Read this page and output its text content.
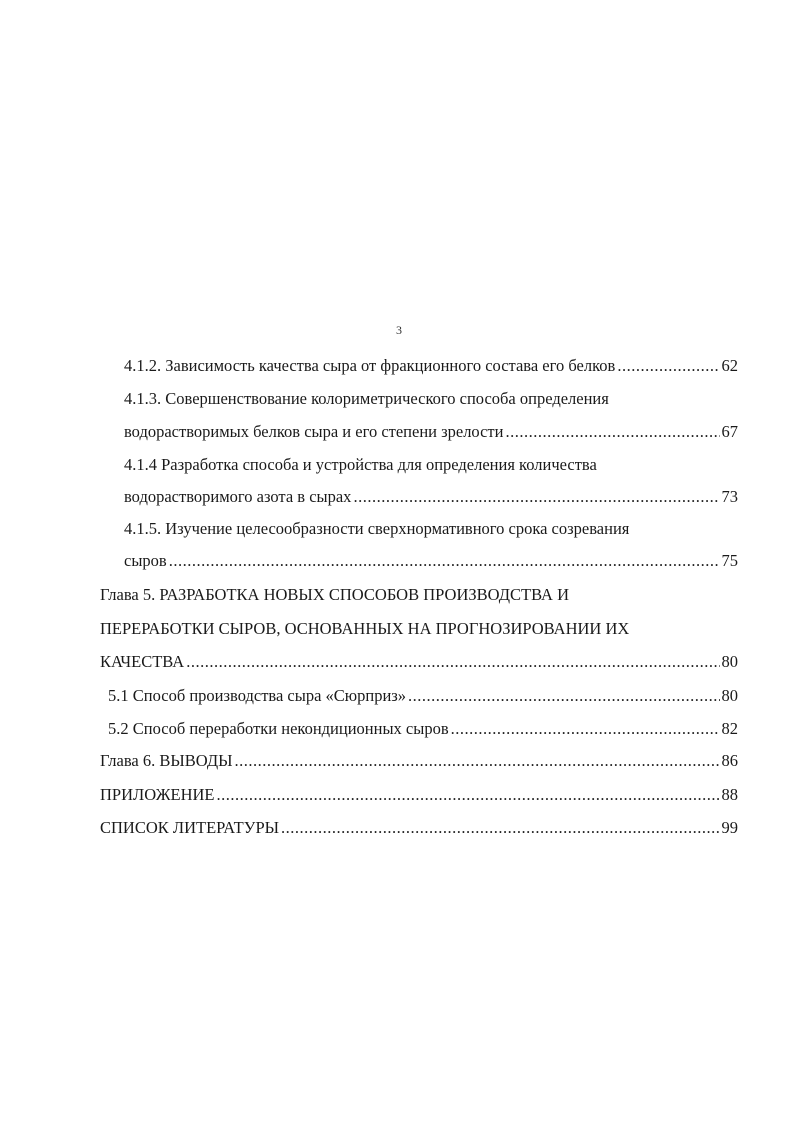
3
4.1.2. Зависимость качества сыра от фракционного состава его белков .....	62
4.1.3. Совершенствование колориметрического способа определения
водорастворимых белков сыра и его степени зрелости .....	67
4.1.4 Разработка способа и устройства для определения количества
водорастворимого азота в сырах .....	73
4.1.5. Изучение целесообразности сверхнормативного срока созревания
сыров .....	75
Глава 5. РАЗРАБОТКА НОВЫХ СПОСОБОВ ПРОИЗВОДСТВА И
ПЕРЕРАБОТКИ СЫРОВ, ОСНОВАННЫХ НА ПРОГНОЗИРОВАНИИ ИХ
КАЧЕСТВА .....	80
5.1 Способ производства сыра «Сюрприз» .....	80
5.2 Способ переработки некондиционных сыров .....	82
Глава 6. ВЫВОДЫ .....	86
ПРИЛОЖЕНИЕ .....	88
СПИСОК ЛИТЕРАТУРЫ .....	99
